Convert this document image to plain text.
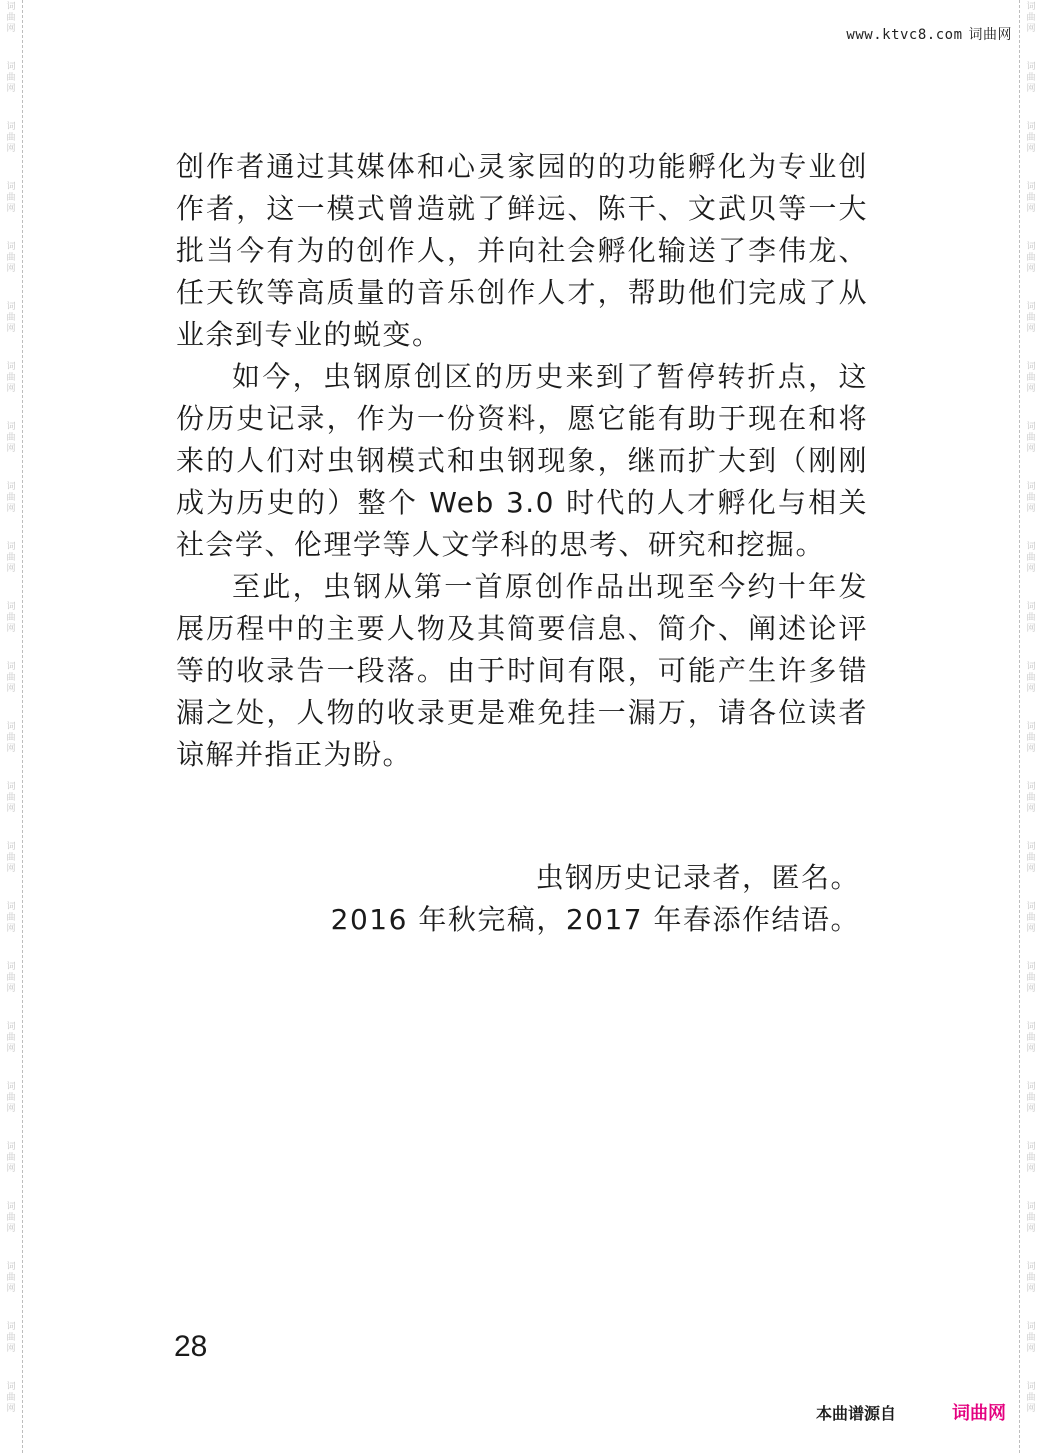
词
曲
网
词
曲
网
词
曲
网
词
曲
网
词
曲
网
词
曲
网
词
曲
网
词
曲
网
词
曲
网
词
曲
网
词
曲
网
词
曲
网
词
曲
网
词
曲
网
词
曲
网
词
曲
网
词
曲
网
词
曲
网
词
曲
网
词
曲
网
词
曲
网
词
曲
网
词
曲
网
词
曲
网
词
曲
网
词
曲
网
词
曲
网
词
曲
网
词
曲
网
词
曲
网
词
曲
网
词
曲
网
词
曲
网
词
曲
网
词
曲
网
词
曲
网
词
曲
网
词
曲
网
词
曲
网
词
曲
网
词
曲
网
词
曲
网
词
曲
网
词
曲
网
词
曲
网
词
曲
网
词
曲
网
词
曲
网
www.ktvc8.com 词曲网

创作者通过其媒体和心灵家园的的功能孵化为专业创作者，这一模式曾造就了鲜远、陈干、文武贝等一大批当今有为的创作人，并向社会孵化输送了李伟龙、任天钦等高质量的音乐创作人才，帮助他们完成了从业余到专业的蜕变。

如今，虫钢原创区的历史来到了暂停转折点，这份历史记录，作为一份资料，愿它能有助于现在和将来的人们对虫钢模式和虫钢现象，继而扩大到（刚刚成为历史的）整个 Web 3.0 时代的人才孵化与相关社会学、伦理学等人文学科的思考、研究和挖掘。

至此，虫钢从第一首原创作品出现至今约十年发展历程中的主要人物及其简要信息、简介、阐述论评等的收录告一段落。由于时间有限，可能产生许多错漏之处，人物的收录更是难免挂一漏万，请各位读者谅解并指正为盼。

虫钢历史记录者，匿名。
2016 年秋完稿，2017 年春添作结语。
28
本曲谱源自	词曲网
